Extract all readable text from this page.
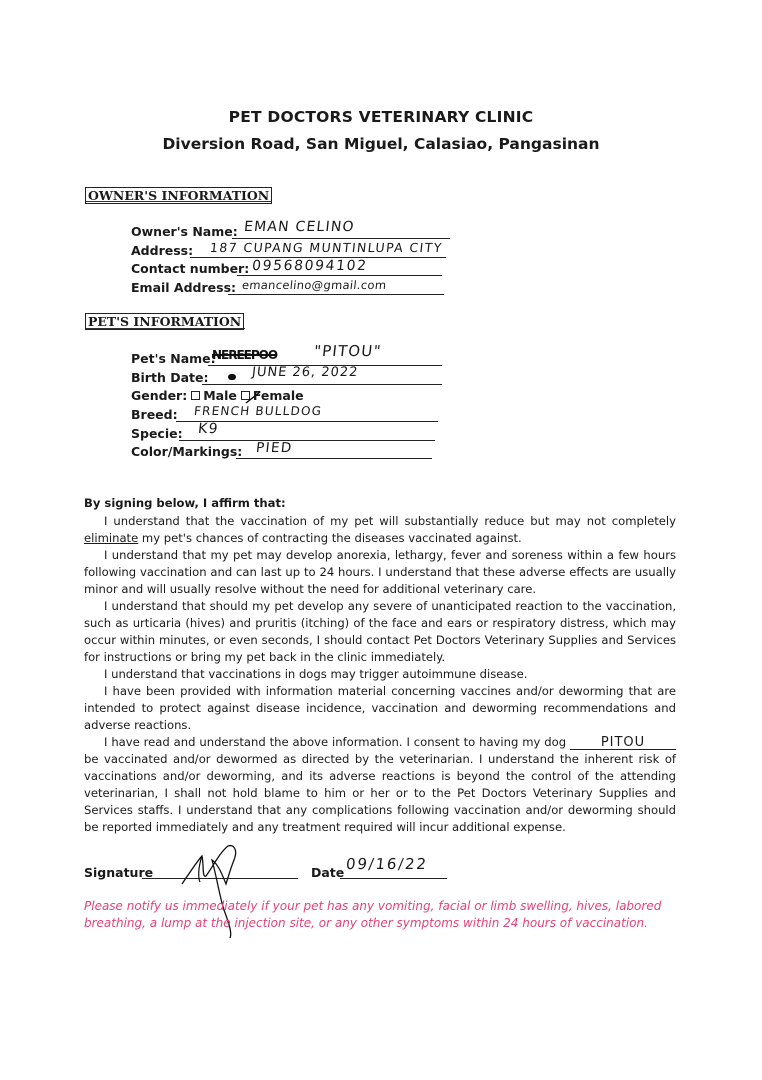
PET DOCTORS VETERINARY CLINIC
Diversion Road, San Miguel, Calasiao, Pangasinan
OWNER'S INFORMATION
Owner's Name: EMAN CELINO
Address: 187 CUPANG MUNTINLUPA CITY
Contact number: 09568094102
Email Address: emancelino@gmail.com
PET'S INFORMATION
Pet's Name:
NEREEPOO "PITOU"
Birth Date:	JUNE 26, 2022
Gender: Male Female
Breed: FRENCH BULLDOG
Specie: K9
Color/Markings: PIED

By signing below, I affirm that:

I understand that the vaccination of my pet will substantially reduce but may not completely eliminate my pet's chances of contracting the diseases vaccinated against.

I understand that my pet may develop anorexia, lethargy, fever and soreness within a few hours following vaccination and can last up to 24 hours. I understand that these adverse effects are usually minor and will usually resolve without the need for additional veterinary care.

I understand that should my pet develop any severe of unanticipated reaction to the vaccination, such as urticaria (hives) and pruritis (itching) of the face and ears or respiratory distress, which may occur within minutes, or even seconds, I should contact Pet Doctors Veterinary Supplies and Services for instructions or bring my pet back in the clinic immediately.

I understand that vaccinations in dogs may trigger autoimmune disease.

I have been provided with information material concerning vaccines and/or deworming that are intended to protect against disease incidence, vaccination and deworming recommendations and adverse reactions.

I have read and understand the above information. I consent to having my dog PITOU be vaccinated and/or dewormed as directed by the veterinarian. I understand the inherent risk of vaccinations and/or deworming, and its adverse reactions is beyond the control of the attending veterinarian, I shall not hold blame to him or her or to the Pet Doctors Veterinary Supplies and Services staffs. I understand that any complications following vaccination and/or deworming should be reported immediately and any treatment required will incur additional expense.

Signature	Date 09/16/22
Please notify us immediately if your pet has any vomiting, facial or limb swelling, hives, labored breathing, a lump at the injection site, or any other symptoms within 24 hours of vaccination.
